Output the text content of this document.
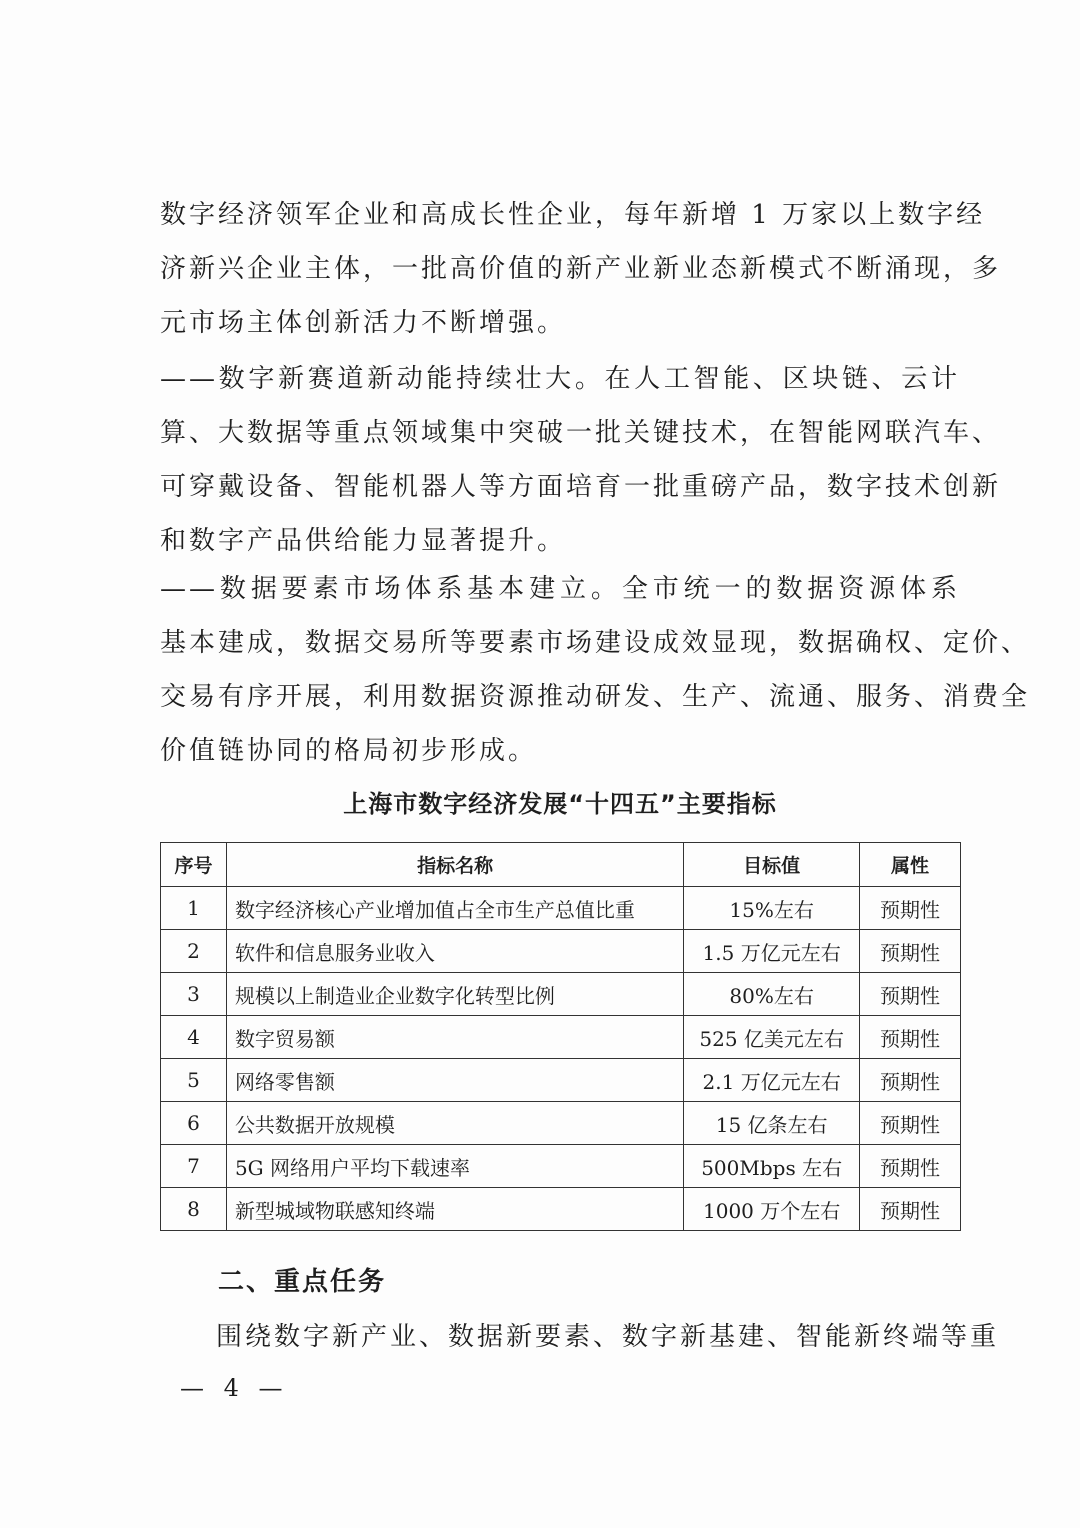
数字经济领军企业和高成长性企业，每年新增 1 万家以上数字经
济新兴企业主体，一批高价值的新产业新业态新模式不断涌现，多
元市场主体创新活力不断增强。
——数字新赛道新动能持续壮大。在人工智能、区块链、云计
算、大数据等重点领域集中突破一批关键技术，在智能网联汽车、
可穿戴设备、智能机器人等方面培育一批重磅产品，数字技术创新
和数字产品供给能力显著提升。
——数据要素市场体系基本建立。全市统一的数据资源体系
基本建成，数据交易所等要素市场建设成效显现，数据确权、定价、
交易有序开展，利用数据资源推动研发、生产、流通、服务、消费全
价值链协同的格局初步形成。
上海市数字经济发展“十四五”主要指标
序号	指标名称	目标值	属性
1	数字经济核心产业增加值占全市生产总值比重	15%左右	预期性
2	软件和信息服务业收入	1.5 万亿元左右	预期性
3	规模以上制造业企业数字化转型比例	80%左右	预期性
4	数字贸易额	525 亿美元左右	预期性
5	网络零售额	2.1 万亿元左右	预期性
6	公共数据开放规模	15 亿条左右	预期性
7	5G 网络用户平均下载速率	500Mbps 左右	预期性
8	新型城域物联感知终端	1000 万个左右	预期性
二、重点任务
围绕数字新产业、数据新要素、数字新基建、智能新终端等重
— 4 —
